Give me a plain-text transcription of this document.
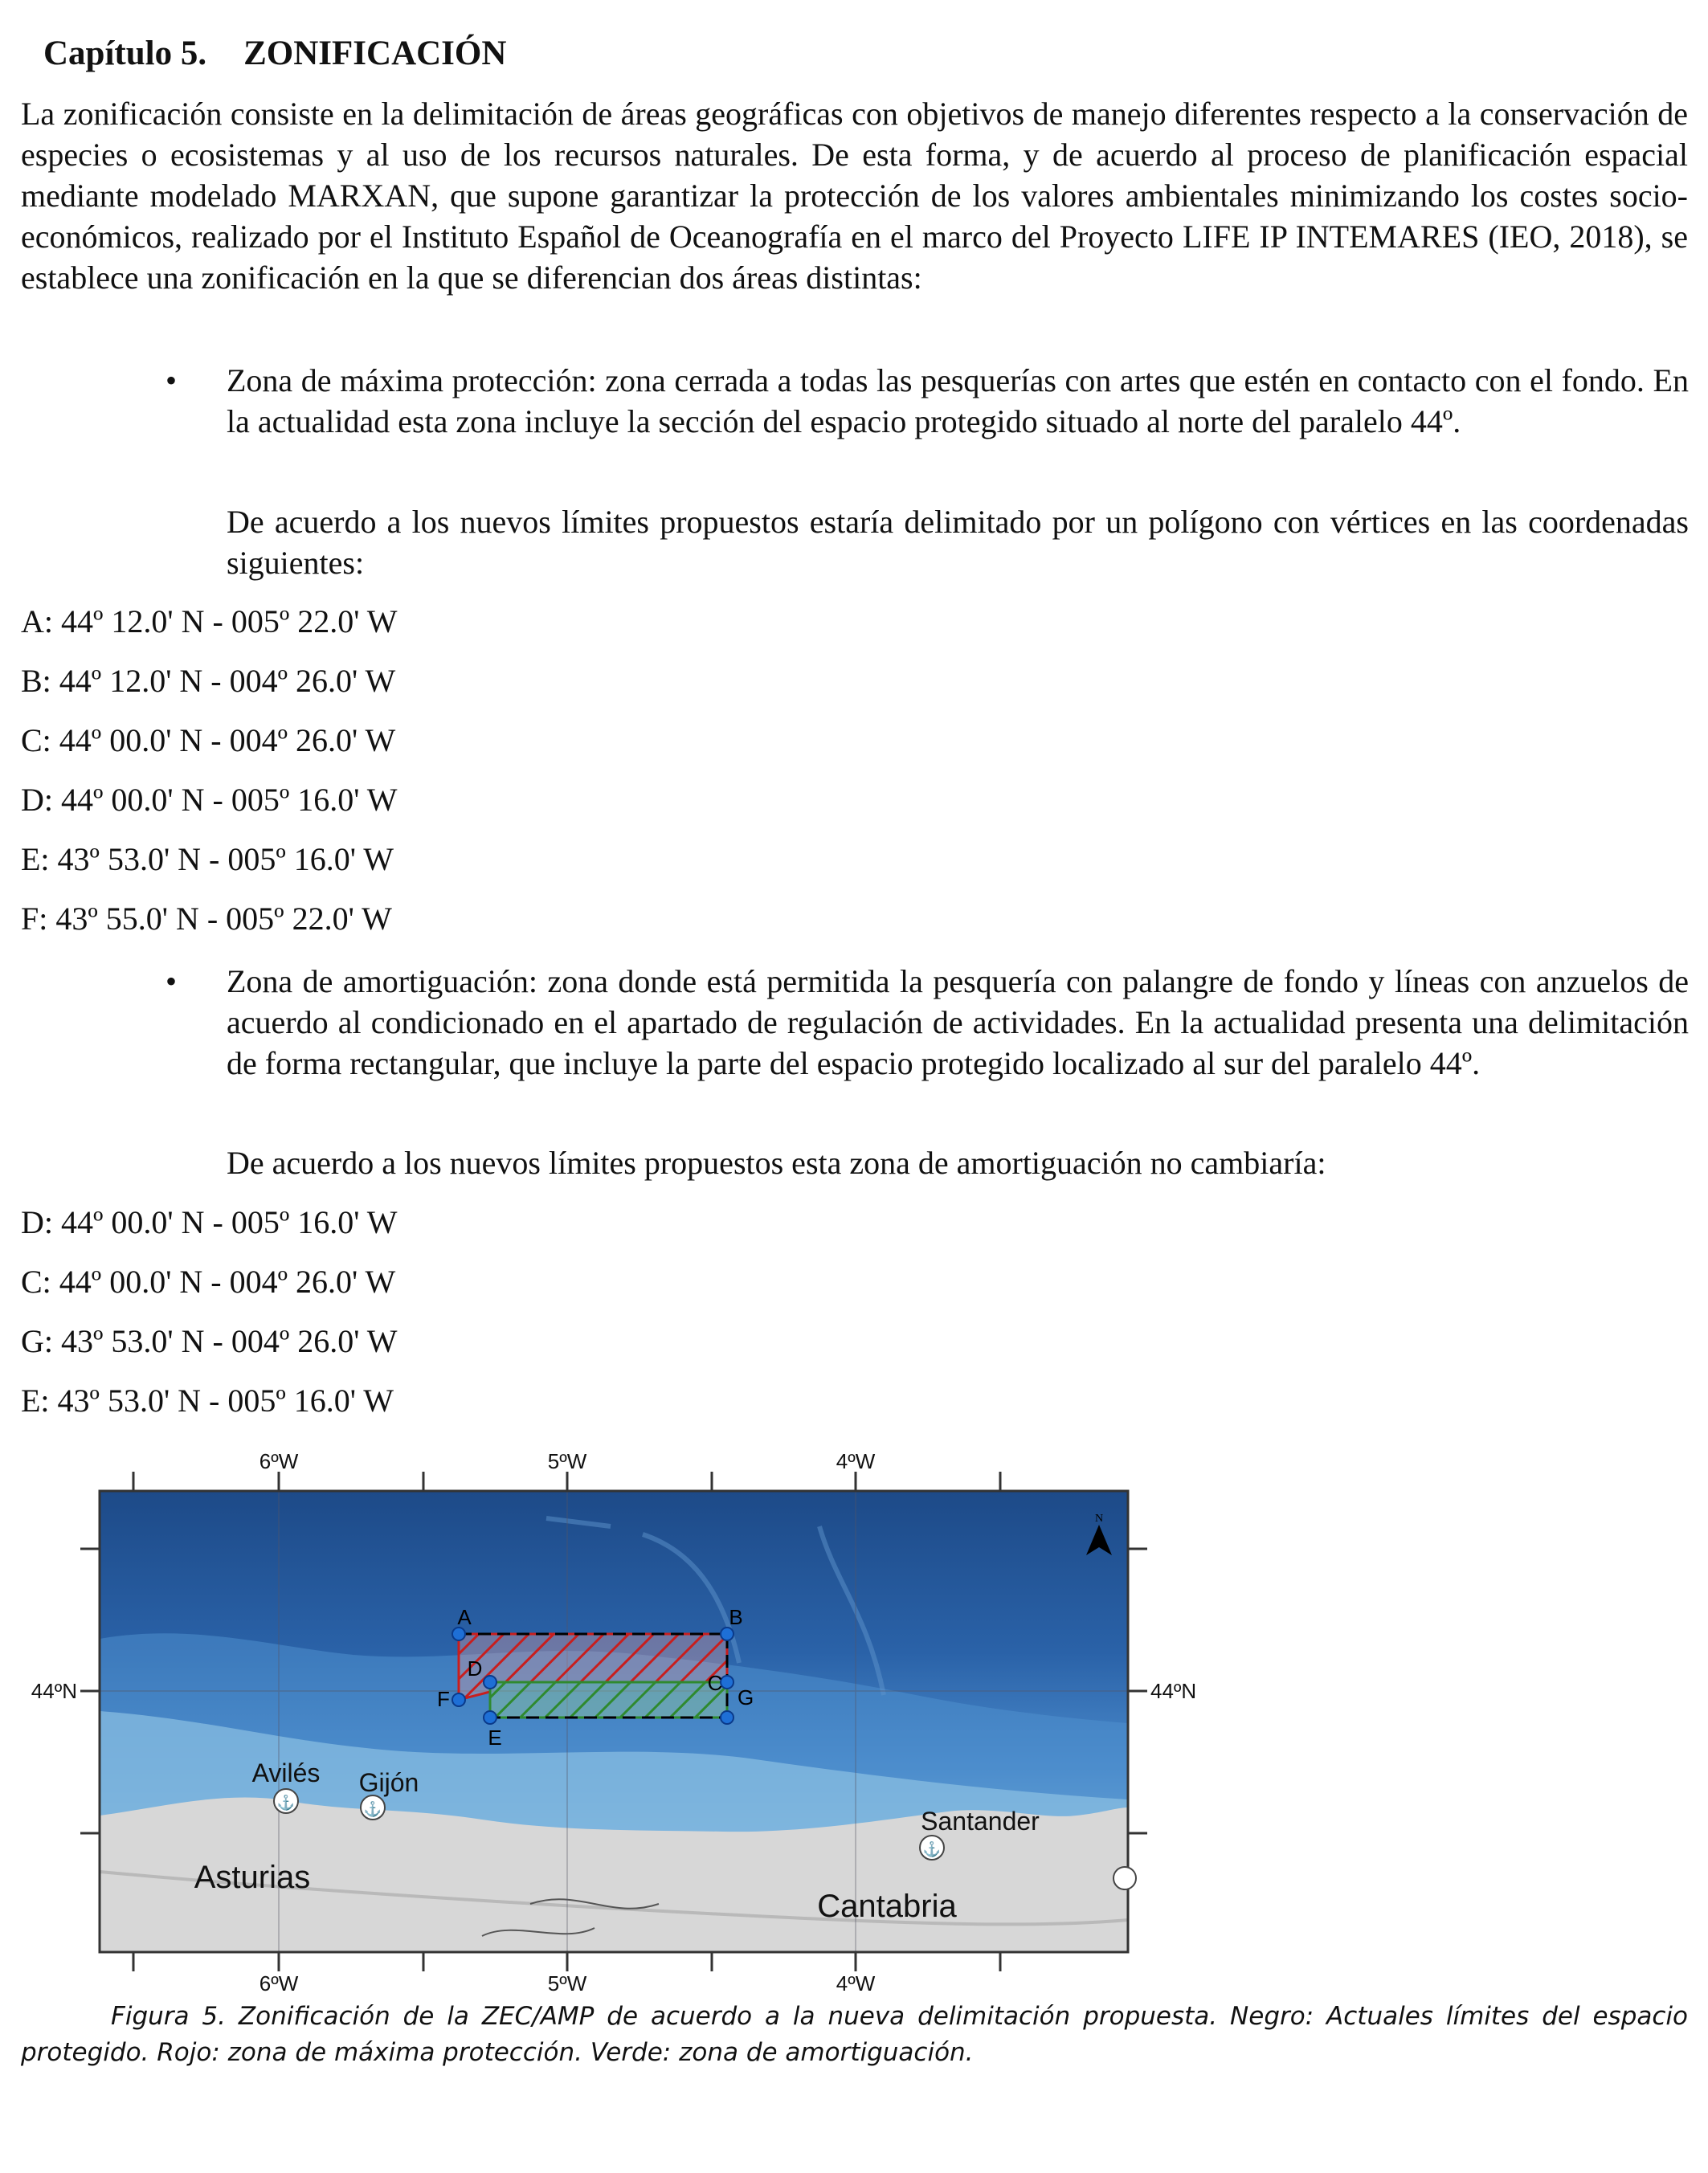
Capítulo 5. ZONIFICACIÓN

La zonificación consiste en la delimitación de áreas geográficas con objetivos de manejo diferentes respecto a la conservación de especies o ecosistemas y al uso de los recursos naturales. De esta forma, y de acuerdo al proceso de planificación espacial mediante modelado MARXAN, que supone garantizar la protección de los valores ambientales minimizando los costes socio-económicos, realizado por el Instituto Español de Oceanografía en el marco del Proyecto LIFE IP INTEMARES (IEO, 2018), se establece una zonificación en la que se diferencian dos áreas distintas:

• Zona de máxima protección: zona cerrada a todas las pesquerías con artes que estén en contacto con el fondo. En la actualidad esta zona incluye la sección del espacio protegido situado al norte del paralelo 44º.

De acuerdo a los nuevos límites propuestos estaría delimitado por un polígono con vértices en las coordenadas siguientes:

A: 44º 12.0' N - 005º 22.0' W

B: 44º 12.0' N - 004º 26.0' W

C: 44º 00.0' N - 004º 26.0' W

D: 44º 00.0' N - 005º 16.0' W

E: 43º 53.0' N - 005º 16.0' W

F: 43º 55.0' N - 005º 22.0' W

• Zona de amortiguación: zona donde está permitida la pesquería con palangre de fondo y líneas con anzuelos de acuerdo al condicionado en el apartado de regulación de actividades. En la actualidad presenta una delimitación de forma rectangular, que incluye la parte del espacio protegido localizado al sur del paralelo 44º.

De acuerdo a los nuevos límites propuestos esta zona de amortiguación no cambiaría:

D: 44º 00.0' N - 005º 16.0' W

C: 44º 00.0' N - 004º 26.0' W

G: 43º 53.0' N - 004º 26.0' W

E: 43º 53.0' N - 005º 16.0' W

6ºW	5ºW	4ºW
6ºW	5ºW	4ºW
44ºN	44ºN
N
A	B
C
D
E
F	G
⚓	⚓
⚓
Avilés Gijón
Santander
Asturias
Cantabria

Figura 5. Zonificación de la ZEC/AMP de acuerdo a la nueva delimitación propuesta. Negro: Actuales límites del espacio protegido. Rojo: zona de máxima protección. Verde: zona de amortiguación.
